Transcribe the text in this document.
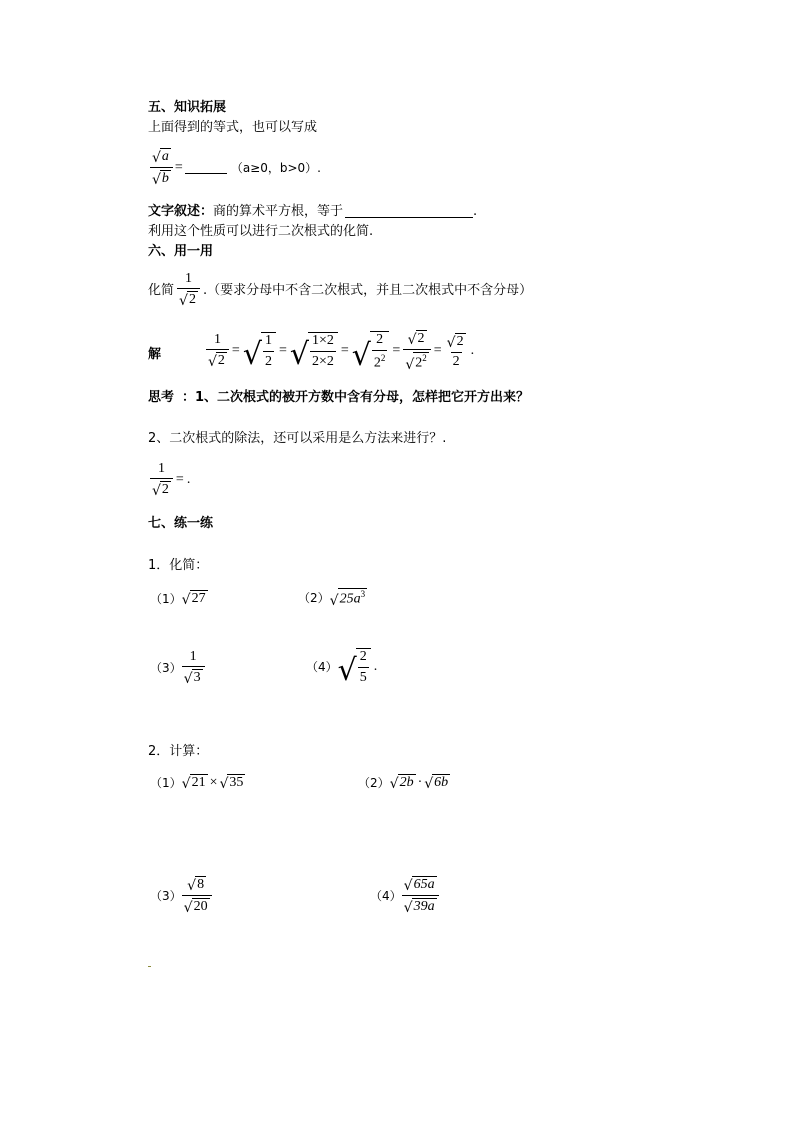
五、知识拓展
上面得到的等式，也可以写成
$\frac{√ a}{√ b}$ =	（a≥0，b>0）.
文字叙述：商的算术平方根，等于	.
利用这个性质可以进行二次根式的化简.
六、用一用
化简 $\frac{1}{√ 2}$ .（要求分母中不含二次根式，并且二次根式中不含分母）
解	$\frac{1}{√ 2}$ = √ $\frac{1}{2}$ = √ $\frac{1\times 2}{2\times 2}$ = √ $\frac{2}{2^2} = \frac{√ 2}{√ 2^2} = \frac{√ 2}{2}$ .
思考 ：1、二次根式的被开方数中含有分母，怎样把它开方出来？
2、二次根式的除法，还可以采用是么方法来进行？.
$\frac{1}{√ 2}$ = .
七、练一练
1．化简：
（1） √ 27	（2） √ $25a^3$
$(3) \frac{1}{√ 3}$	（4） √ $\frac{2}{5}$ .
2．计算：
（1） √ 21 × √ 35	（2） √ 2b · √ 6b
$(3) \frac{√ 8}{√ 20}$	$(4) \frac{√ 65a}{√ 39a}$
